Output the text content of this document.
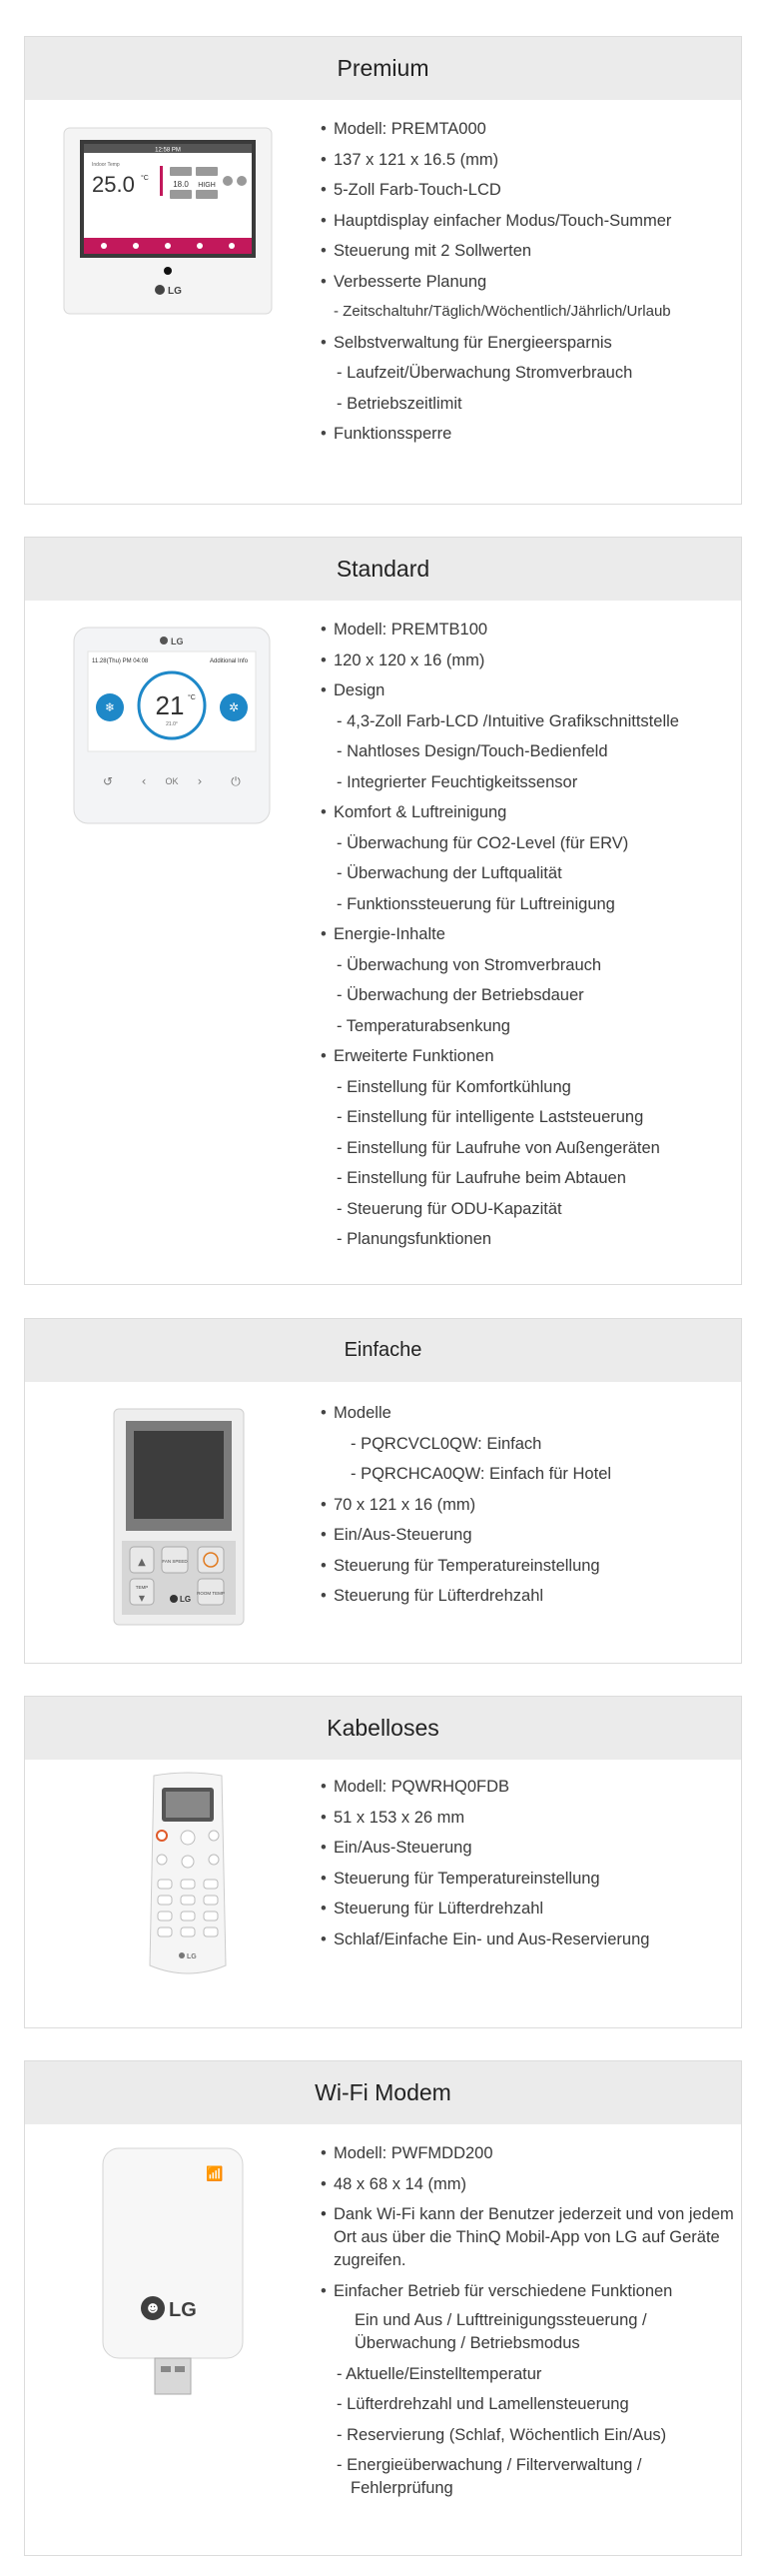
Premium
12:58 PM
Indoor Temp
25.0 °C
18.0 HIGH
LG
• Modell: PREMTA000
• 137 x 121 x 16.5 (mm)
• 5-Zoll Farb-Touch-LCD
• Hauptdisplay einfacher Modus/Touch-Summer
• Steuerung mit 2 Sollwerten
• Verbesserte Planung
- Zeitschaltuhr/Täglich/Wöchentlich/Jährlich/Urlaub
• Selbstverwaltung für Energieersparnis
- Laufzeit/Überwachung Stromverbrauch
- Betriebszeitlimit
• Funktionssperre
Standard
LG
11.28(Thu) PM 04:08	Additional Info
❄ 21 °C
21.0°
✲
↺ ‹ OK › ⏻
• Modell: PREMTB100
• 120 x 120 x 16 (mm)
• Design
- 4,3-Zoll Farb-LCD /Intuitive Grafikschnittstelle
- Nahtloses Design/Touch-Bedienfeld
- Integrierter Feuchtigkeitssensor
• Komfort & Luftreinigung
- Überwachung für CO2-Level (für ERV)
- Überwachung der Luftqualität
- Funktionssteuerung für Luftreinigung
• Energie-Inhalte
- Überwachung von Stromverbrauch
- Überwachung der Betriebsdauer
- Temperaturabsenkung
• Erweiterte Funktionen
- Einstellung für Komfortkühlung
- Einstellung für intelligente Laststeuerung
- Einstellung für Laufruhe von Außengeräten
- Einstellung für Laufruhe beim Abtauen
- Steuerung für ODU-Kapazität
- Planungsfunktionen
Einfache
▲	FAN SPEED
TEMP
▼	LG
ROOM TEMP
• Modelle
- PQRCVCL0QW: Einfach
- PQRCHCA0QW: Einfach für Hotel
• 70 x 121 x 16 (mm)
• Ein/Aus-Steuerung
• Steuerung für Temperatureinstellung
• Steuerung für Lüfterdrehzahl
Kabelloses
LG
• Modell: PQWRHQ0FDB
• 51 x 153 x 26 mm
• Ein/Aus-Steuerung
• Steuerung für Temperatureinstellung
• Steuerung für Lüfterdrehzahl
• Schlaf/Einfache Ein- und Aus-Reservierung
Wi-Fi Modem
📶
☻ LG
• Modell: PWFMDD200
• 48 x 68 x 14 (mm)
• Dank Wi-Fi kann der Benutzer jederzeit und von jedem Ort aus über die ThinQ Mobil-App von LG auf Geräte zugreifen.
• Einfacher Betrieb für verschiedene Funktionen
Ein und Aus / Lufttreinigungssteuerung / Überwachung / Betriebsmodus
- Aktuelle/Einstelltemperatur
- Lüfterdrehzahl und Lamellensteuerung
- Reservierung (Schlaf, Wöchentlich Ein/Aus)
- Energieüberwachung / Filterverwaltung / Fehlerprüfung
